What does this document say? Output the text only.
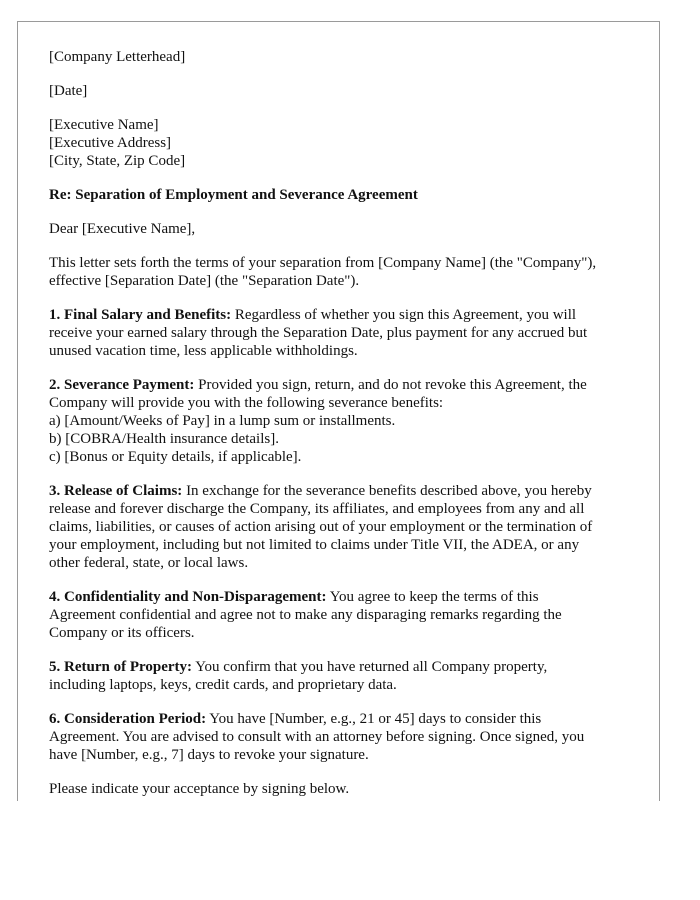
[Company Letterhead]
[Date]
[Executive Name]
[Executive Address]
[City, State, Zip Code]
Re: Separation of Employment and Severance Agreement
Dear [Executive Name],
This letter sets forth the terms of your separation from [Company Name] (the "Company"),
effective [Separation Date] (the "Separation Date").
1. Final Salary and Benefits: Regardless of whether you sign this Agreement, you will
receive your earned salary through the Separation Date, plus payment for any accrued but
unused vacation time, less applicable withholdings.
2. Severance Payment: Provided you sign, return, and do not revoke this Agreement, the
Company will provide you with the following severance benefits:
a) [Amount/Weeks of Pay] in a lump sum or installments.
b) [COBRA/Health insurance details].
c) [Bonus or Equity details, if applicable].
3. Release of Claims: In exchange for the severance benefits described above, you hereby
release and forever discharge the Company, its affiliates, and employees from any and all
claims, liabilities, or causes of action arising out of your employment or the termination of
your employment, including but not limited to claims under Title VII, the ADEA, or any
other federal, state, or local laws.
4. Confidentiality and Non-Disparagement: You agree to keep the terms of this
Agreement confidential and agree not to make any disparaging remarks regarding the
Company or its officers.
5. Return of Property: You confirm that you have returned all Company property,
including laptops, keys, credit cards, and proprietary data.
6. Consideration Period: You have [Number, e.g., 21 or 45] days to consider this
Agreement. You are advised to consult with an attorney before signing. Once signed, you
have [Number, e.g., 7] days to revoke your signature.
Please indicate your acceptance by signing below.
